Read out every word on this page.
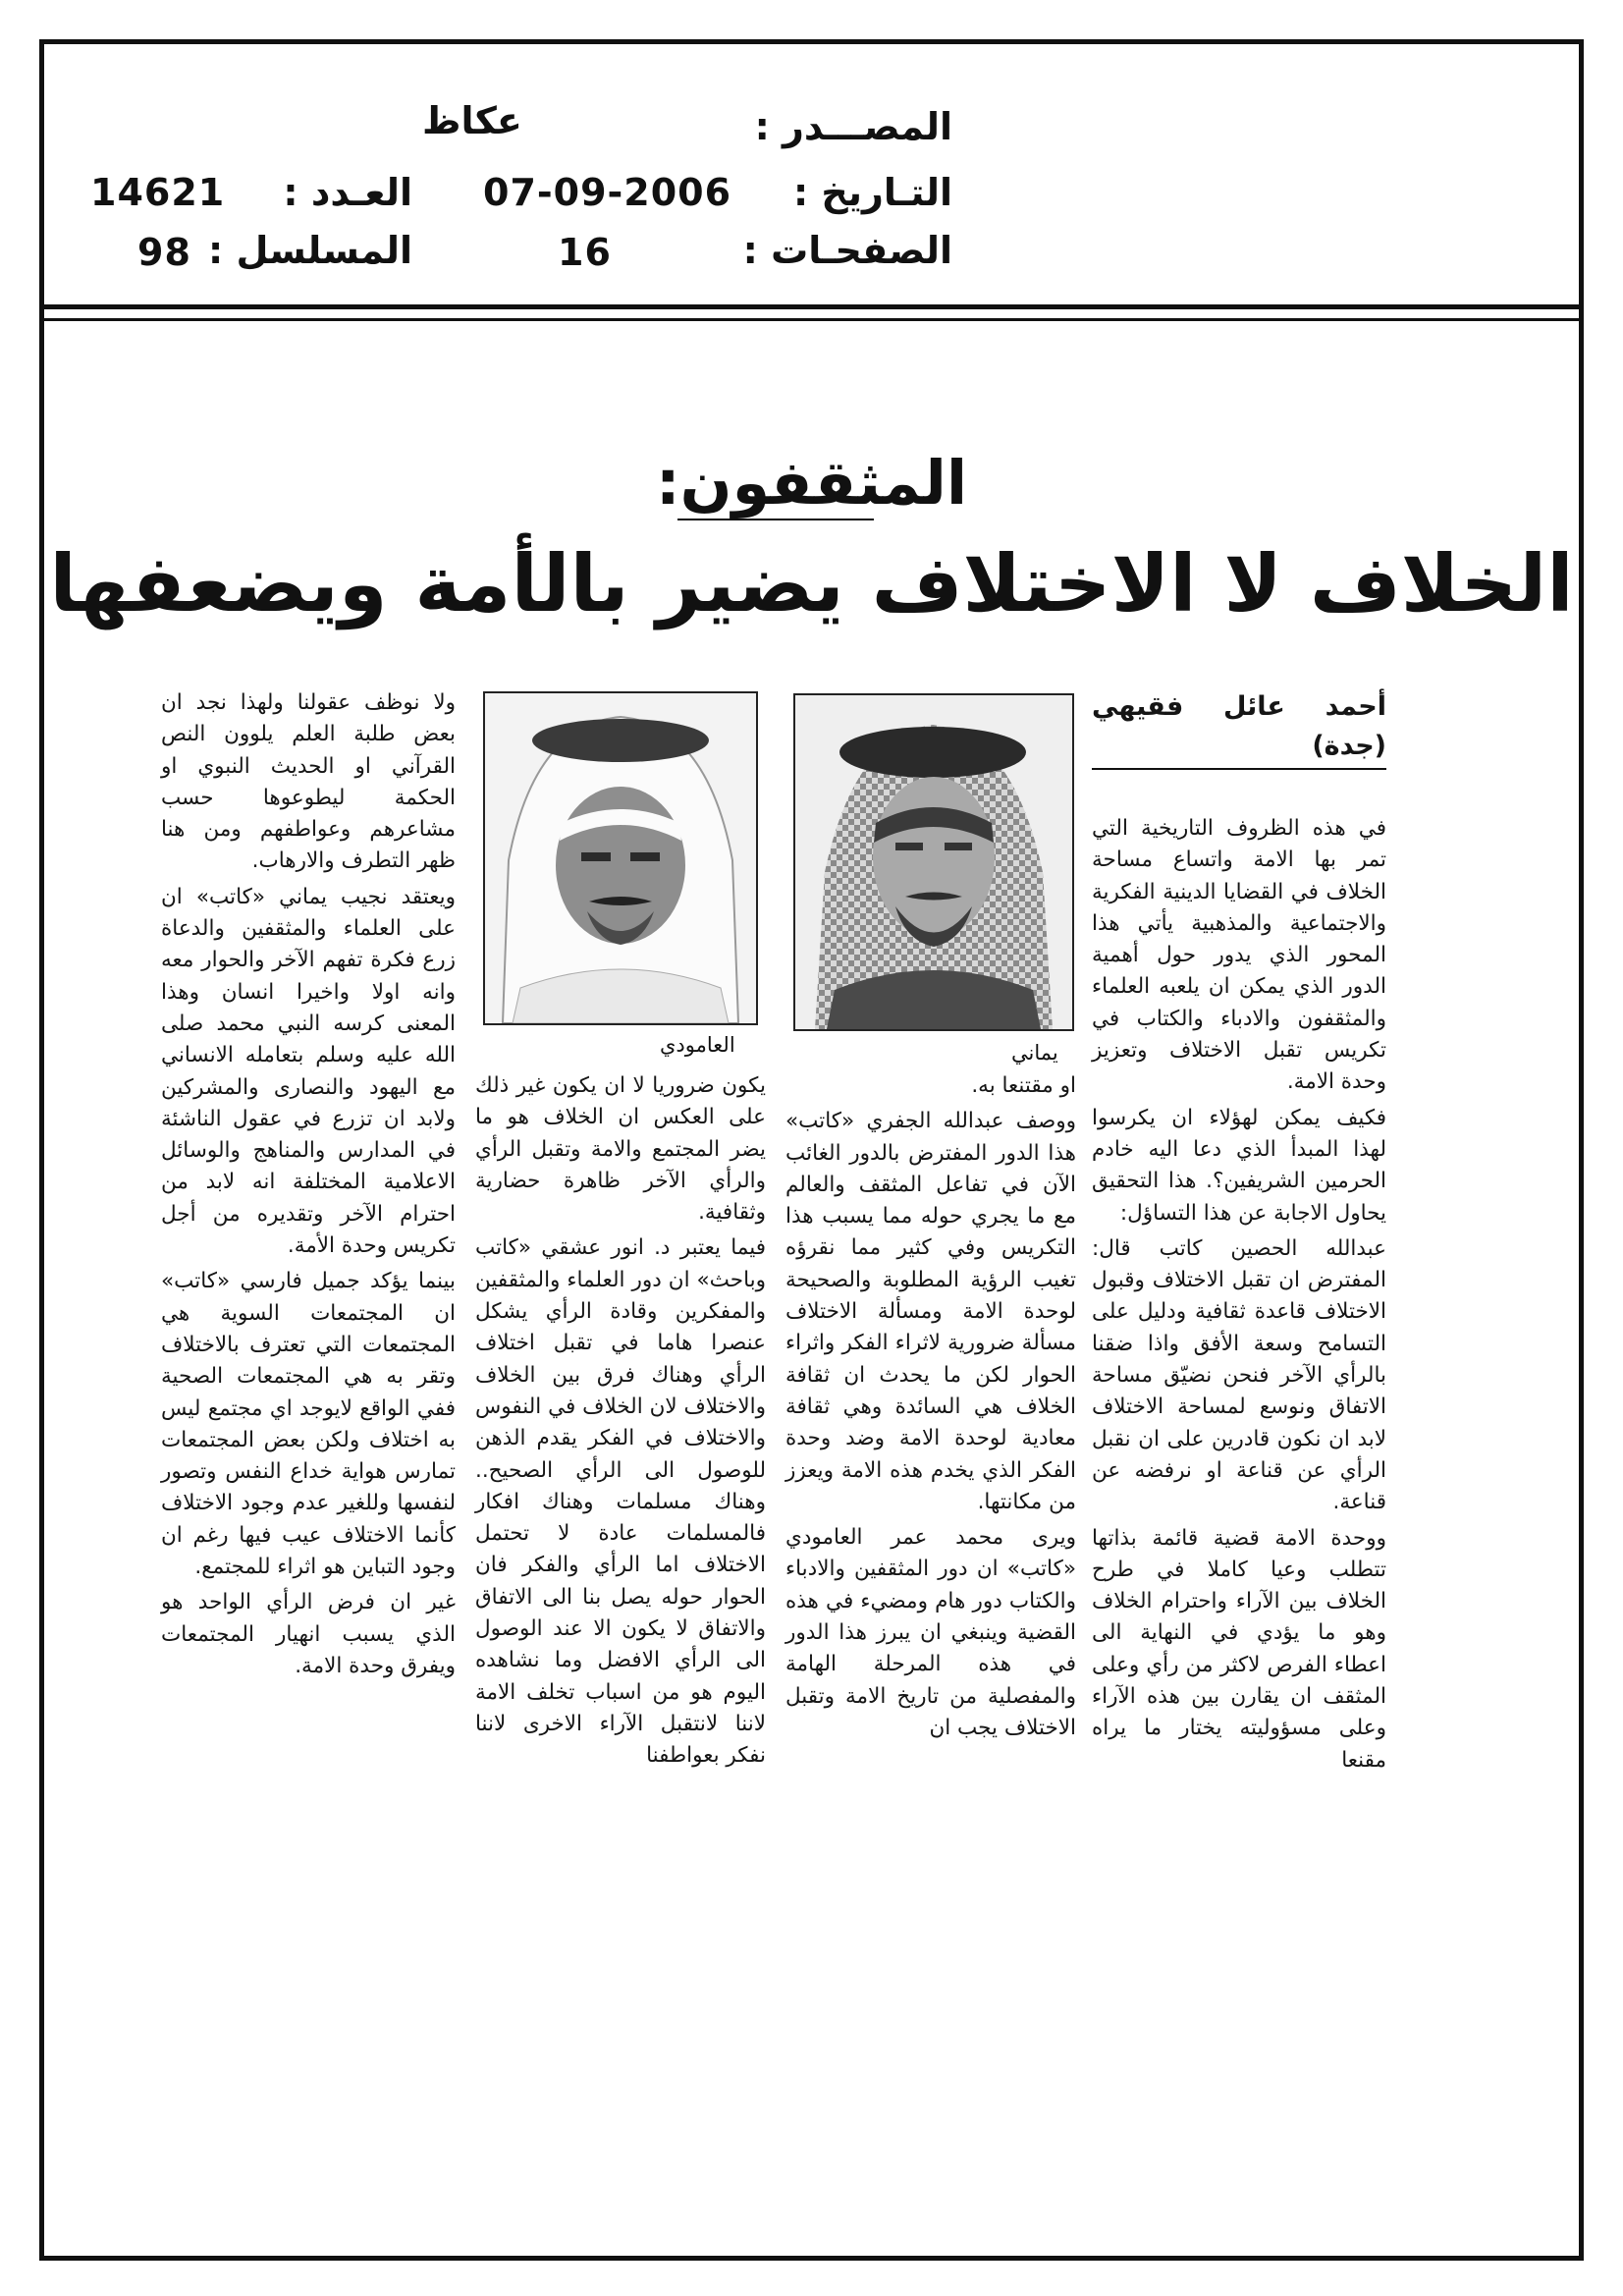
المصـــدر :
عكاظ
التـاريخ :
07-09-2006
الصفحـات :
16
العـدد :
14621
المسلسل :
98
المثقفون:
الخلاف لا الاختلاف يضير بالأمة ويضعفها
أحمد عائل فقيهي (جدة)

في هذه الظروف التاريخية التي تمر بها الامة واتساع مساحة الخلاف في القضايا الدينية الفكرية والاجتماعية والمذهبية يأتي هذا المحور الذي يدور حول أهمية الدور الذي يمكن ان يلعبه العلماء والمثقفون والادباء والكتاب في تكريس تقبل الاختلاف وتعزيز وحدة الامة.

فكيف يمكن لهؤلاء ان يكرسوا لهذا المبدأ الذي دعا اليه خادم الحرمين الشريفين؟. هذا التحقيق يحاول الاجابة عن هذا التساؤل:

عبدالله الحصين كاتب قال: المفترض ان تقبل الاختلاف وقبول الاختلاف قاعدة ثقافية ودليل على التسامح وسعة الأفق واذا ضقنا بالرأي الآخر فنحن نضيّق مساحة الاتفاق ونوسع لمساحة الاختلاف لابد ان نكون قادرين على ان نقبل الرأي عن قناعة او نرفضه عن قناعة.

ووحدة الامة قضية قائمة بذاتها تتطلب وعيا كاملا في طرح الخلاف بين الآراء واحترام الخلاف وهو ما يؤدي في النهاية الى اعطاء الفرص لاكثر من رأي وعلى المثقف ان يقارن بين هذه الآراء وعلى مسؤوليته يختار ما يراه مقنعا

يماني
العامودي

او مقتنعا به.

ووصف عبدالله الجفري «كاتب» هذا الدور المفترض بالدور الغائب الآن في تفاعل المثقف والعالم مع ما يجري حوله مما يسبب هذا التكريس وفي كثير مما نقرؤه تغيب الرؤية المطلوبة والصحيحة لوحدة الامة ومسألة الاختلاف مسألة ضرورية لاثراء الفكر واثراء الحوار لكن ما يحدث ان ثقافة الخلاف هي السائدة وهي ثقافة معادية لوحدة الامة وضد وحدة الفكر الذي يخدم هذه الامة ويعزز من مكانتها.

ويرى محمد عمر العامودي «كاتب» ان دور المثقفين والادباء والكتاب دور هام ومضيء في هذه القضية وينبغي ان يبرز هذا الدور في هذه المرحلة الهامة والمفصلية من تاريخ الامة وتقبل الاختلاف يجب ان

يكون ضروريا لا ان يكون غير ذلك على العكس ان الخلاف هو ما يضر المجتمع والامة وتقبل الرأي والرأي الآخر ظاهرة حضارية وثقافية.

فيما يعتبر د. انور عشقي «كاتب وباحث» ان دور العلماء والمثقفين والمفكرين وقادة الرأي يشكل عنصرا هاما في تقبل اختلاف الرأي وهناك فرق بين الخلاف والاختلاف لان الخلاف في النفوس والاختلاف في الفكر يقدم الذهن للوصول الى الرأي الصحيح.. وهناك مسلمات وهناك افكار فالمسلمات عادة لا تحتمل الاختلاف اما الرأي والفكر فان الحوار حوله يصل بنا الى الاتفاق والاتفاق لا يكون الا عند الوصول الى الرأي الافضل وما نشاهده اليوم هو من اسباب تخلف الامة لاننا لانتقبل الآراء الاخرى لاننا نفكر بعواطفنا

ولا نوظف عقولنا ولهذا نجد ان بعض طلبة العلم يلوون النص القرآني او الحديث النبوي او الحكمة ليطوعوها حسب مشاعرهم وعواطفهم ومن هنا ظهر التطرف والارهاب.

ويعتقد نجيب يماني «كاتب» ان على العلماء والمثقفين والدعاة زرع فكرة تفهم الآخر والحوار معه وانه اولا واخيرا انسان وهذا المعنى كرسه النبي محمد صلى الله عليه وسلم بتعامله الانساني مع اليهود والنصارى والمشركين ولابد ان تزرع في عقول الناشئة في المدارس والمناهج والوسائل الاعلامية المختلفة انه لابد من احترام الآخر وتقديره من أجل تكريس وحدة الأمة.

بينما يؤكد جميل فارسي «كاتب» ان المجتمعات السوية هي المجتمعات التي تعترف بالاختلاف وتقر به هي المجتمعات الصحية ففي الواقع لايوجد اي مجتمع ليس به اختلاف ولكن بعض المجتمعات تمارس هواية خداع النفس وتصور لنفسها وللغير عدم وجود الاختلاف كأنما الاختلاف عيب فيها رغم ان وجود التباين هو اثراء للمجتمع.

غير ان فرض الرأي الواحد هو الذي يسبب انهيار المجتمعات ويفرق وحدة الامة.
